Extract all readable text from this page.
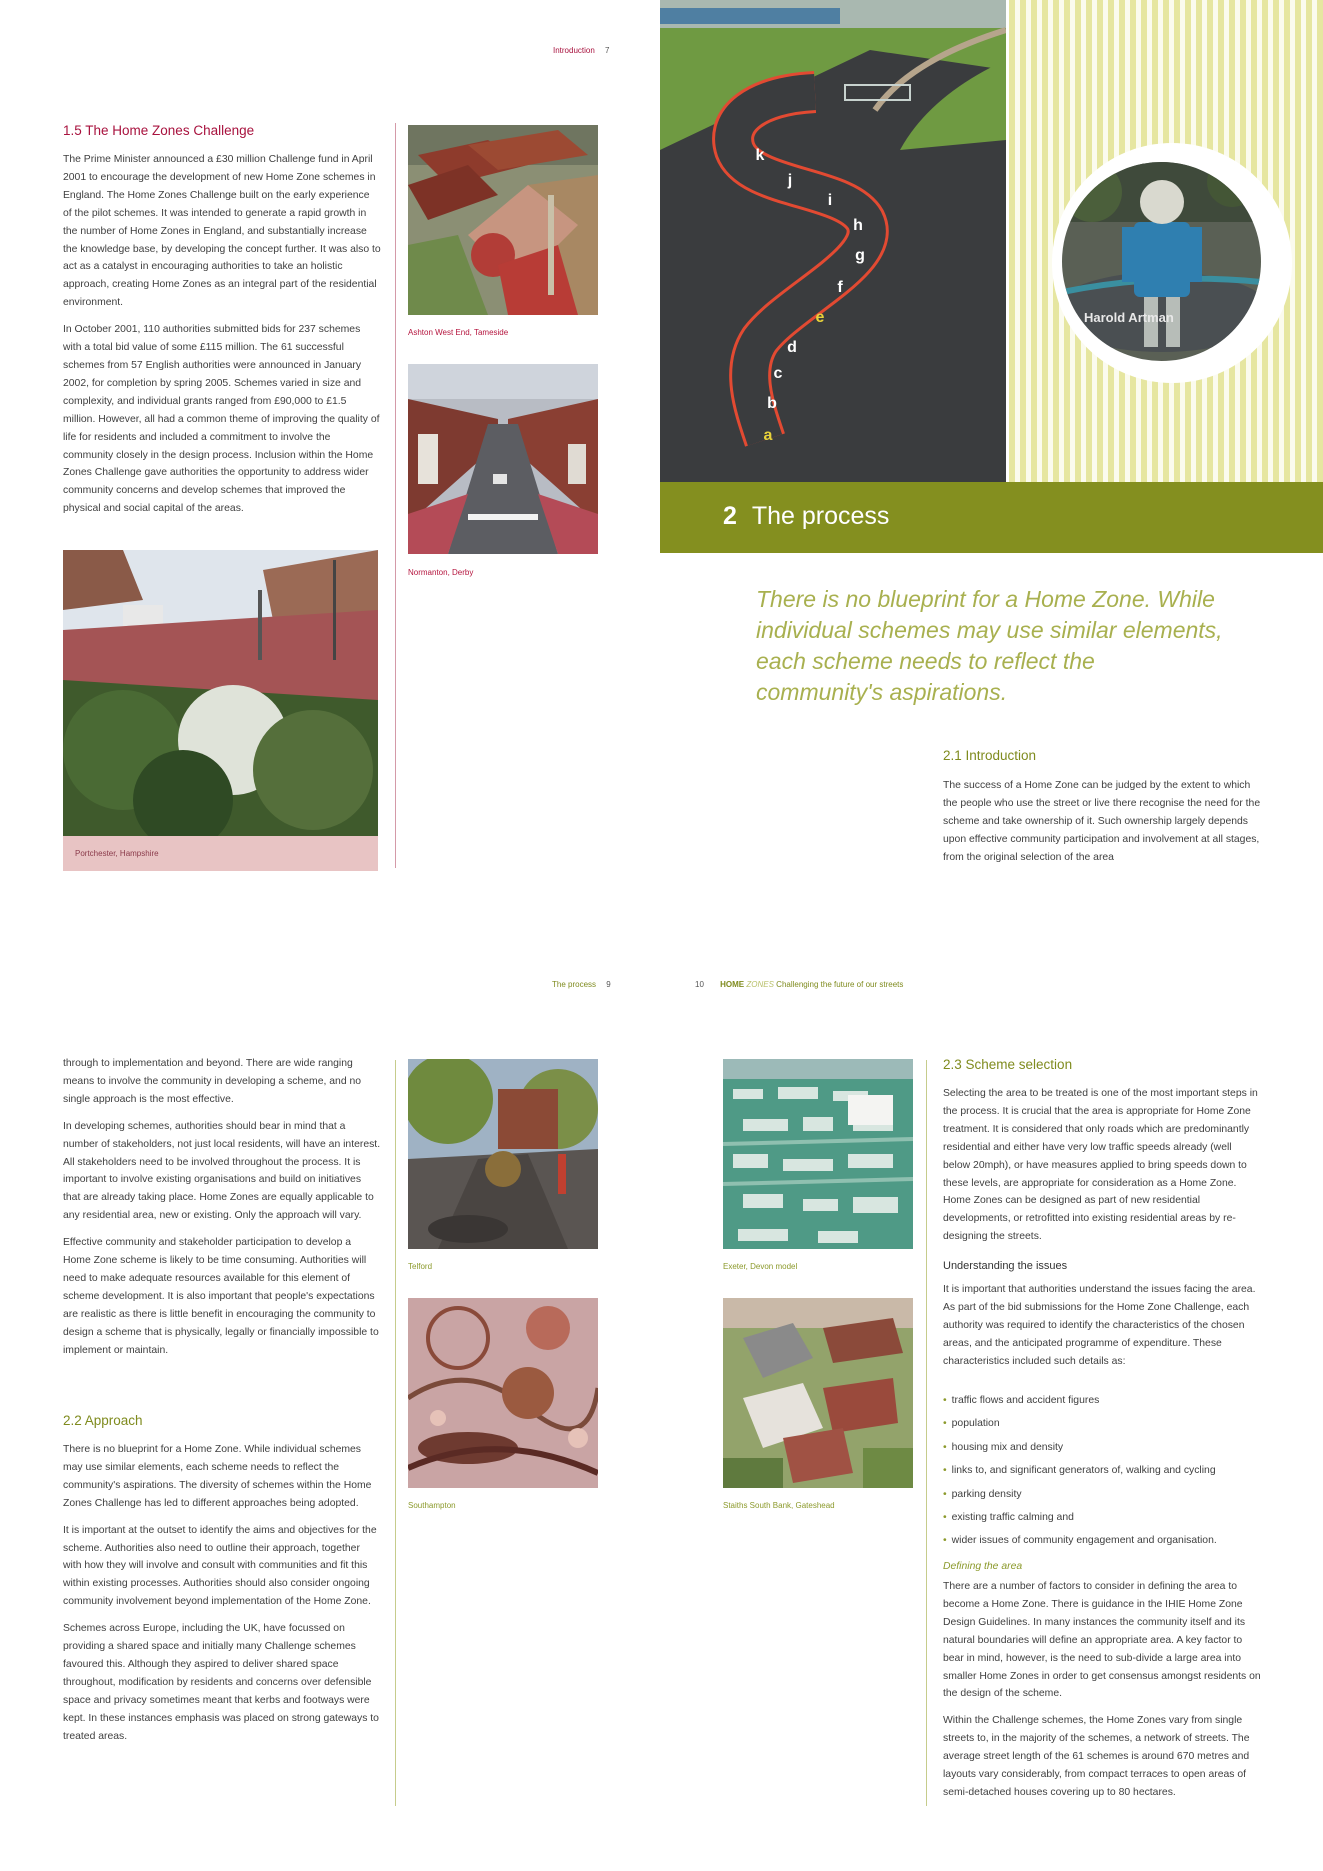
Introduction 7
1.5 The Home Zones Challenge

The Prime Minister announced a £30 million Challenge fund in April 2001 to encourage the development of new Home Zone schemes in England. The Home Zones Challenge built on the early experience of the pilot schemes. It was intended to generate a rapid growth in the number of Home Zones in England, and substantially increase the knowledge base, by developing the concept further. It was also to act as a catalyst in encouraging authorities to take an holistic approach, creating Home Zones as an integral part of the residential environment.

In October 2001, 110 authorities submitted bids for 237 schemes with a total bid value of some £115 million. The 61 successful schemes from 57 English authorities were announced in January 2002, for completion by spring 2005. Schemes varied in size and complexity, and individual grants ranged from £90,000 to £1.5 million. However, all had a common theme of improving the quality of life for residents and included a commitment to involve the community closely in the design process. Inclusion within the Home Zones Challenge gave authorities the opportunity to address wider community concerns and develop schemes that improved the physical and social capital of the areas.

Ashton West End, Tameside
Normanton, Derby
Portchester, Hampshire
a
b
c
d
e
f
g
h
i
j
k
Harold Artman
2 The process
There is no blueprint for a Home Zone. While individual schemes may use similar elements, each scheme needs to reflect the community's aspirations.
2.1 Introduction

The success of a Home Zone can be judged by the extent to which the people who use the street or live there recognise the need for the scheme and take ownership of it. Such ownership largely depends upon effective community participation and involvement at all stages, from the original selection of the area

The process 9

through to implementation and beyond. There are wide ranging means to involve the community in developing a scheme, and no single approach is the most effective.

In developing schemes, authorities should bear in mind that a number of stakeholders, not just local residents, will have an interest. All stakeholders need to be involved throughout the process. It is important to involve existing organisations and build on initiatives that are already taking place. Home Zones are equally applicable to any residential area, new or existing. Only the approach will vary.

Effective community and stakeholder participation to develop a Home Zone scheme is likely to be time consuming. Authorities will need to make adequate resources available for this element of scheme development. It is also important that people's expectations are realistic as there is little benefit in encouraging the community to design a scheme that is physically, legally or financially impossible to implement or maintain.

2.2 Approach

There is no blueprint for a Home Zone. While individual schemes may use similar elements, each scheme needs to reflect the community's aspirations. The diversity of schemes within the Home Zones Challenge has led to different approaches being adopted.

It is important at the outset to identify the aims and objectives for the scheme. Authorities also need to outline their approach, together with how they will involve and consult with communities and fit this within existing processes. Authorities should also consider ongoing community involvement beyond implementation of the Home Zone.

Schemes across Europe, including the UK, have focussed on providing a shared space and initially many Challenge schemes favoured this. Although they aspired to deliver shared space throughout, modification by residents and concerns over defensible space and privacy sometimes meant that kerbs and footways were kept. In these instances emphasis was placed on strong gateways to treated areas.

Telford
Southampton
10 HOME ZONES Challenging the future of our streets
Exeter, Devon model
Staiths South Bank, Gateshead
2.3 Scheme selection

Selecting the area to be treated is one of the most important steps in the process. It is crucial that the area is appropriate for Home Zone treatment. It is considered that only roads which are predominantly residential and either have very low traffic speeds already (well below 20mph), or have measures applied to bring speeds down to these levels, are appropriate for consideration as a Home Zone. Home Zones can be designed as part of new residential developments, or retrofitted into existing residential areas by re-designing the streets.

Understanding the issues

It is important that authorities understand the issues facing the area. As part of the bid submissions for the Home Zone Challenge, each authority was required to identify the characteristics of the chosen areas, and the anticipated programme of expenditure. These characteristics included such details as:

• traffic flows and accident figures
• population
• housing mix and density
• links to, and significant generators of, walking and cycling
• parking density
• existing traffic calming and
• wider issues of community engagement and organisation.
Defining the area

There are a number of factors to consider in defining the area to become a Home Zone. There is guidance in the IHIE Home Zone Design Guidelines. In many instances the community itself and its natural boundaries will define an appropriate area. A key factor to bear in mind, however, is the need to sub-divide a large area into smaller Home Zones in order to get consensus amongst residents on the design of the scheme.

Within the Challenge schemes, the Home Zones vary from single streets to, in the majority of the schemes, a network of streets. The average street length of the 61 schemes is around 670 metres and layouts vary considerably, from compact terraces to open areas of semi-detached houses covering up to 80 hectares.
